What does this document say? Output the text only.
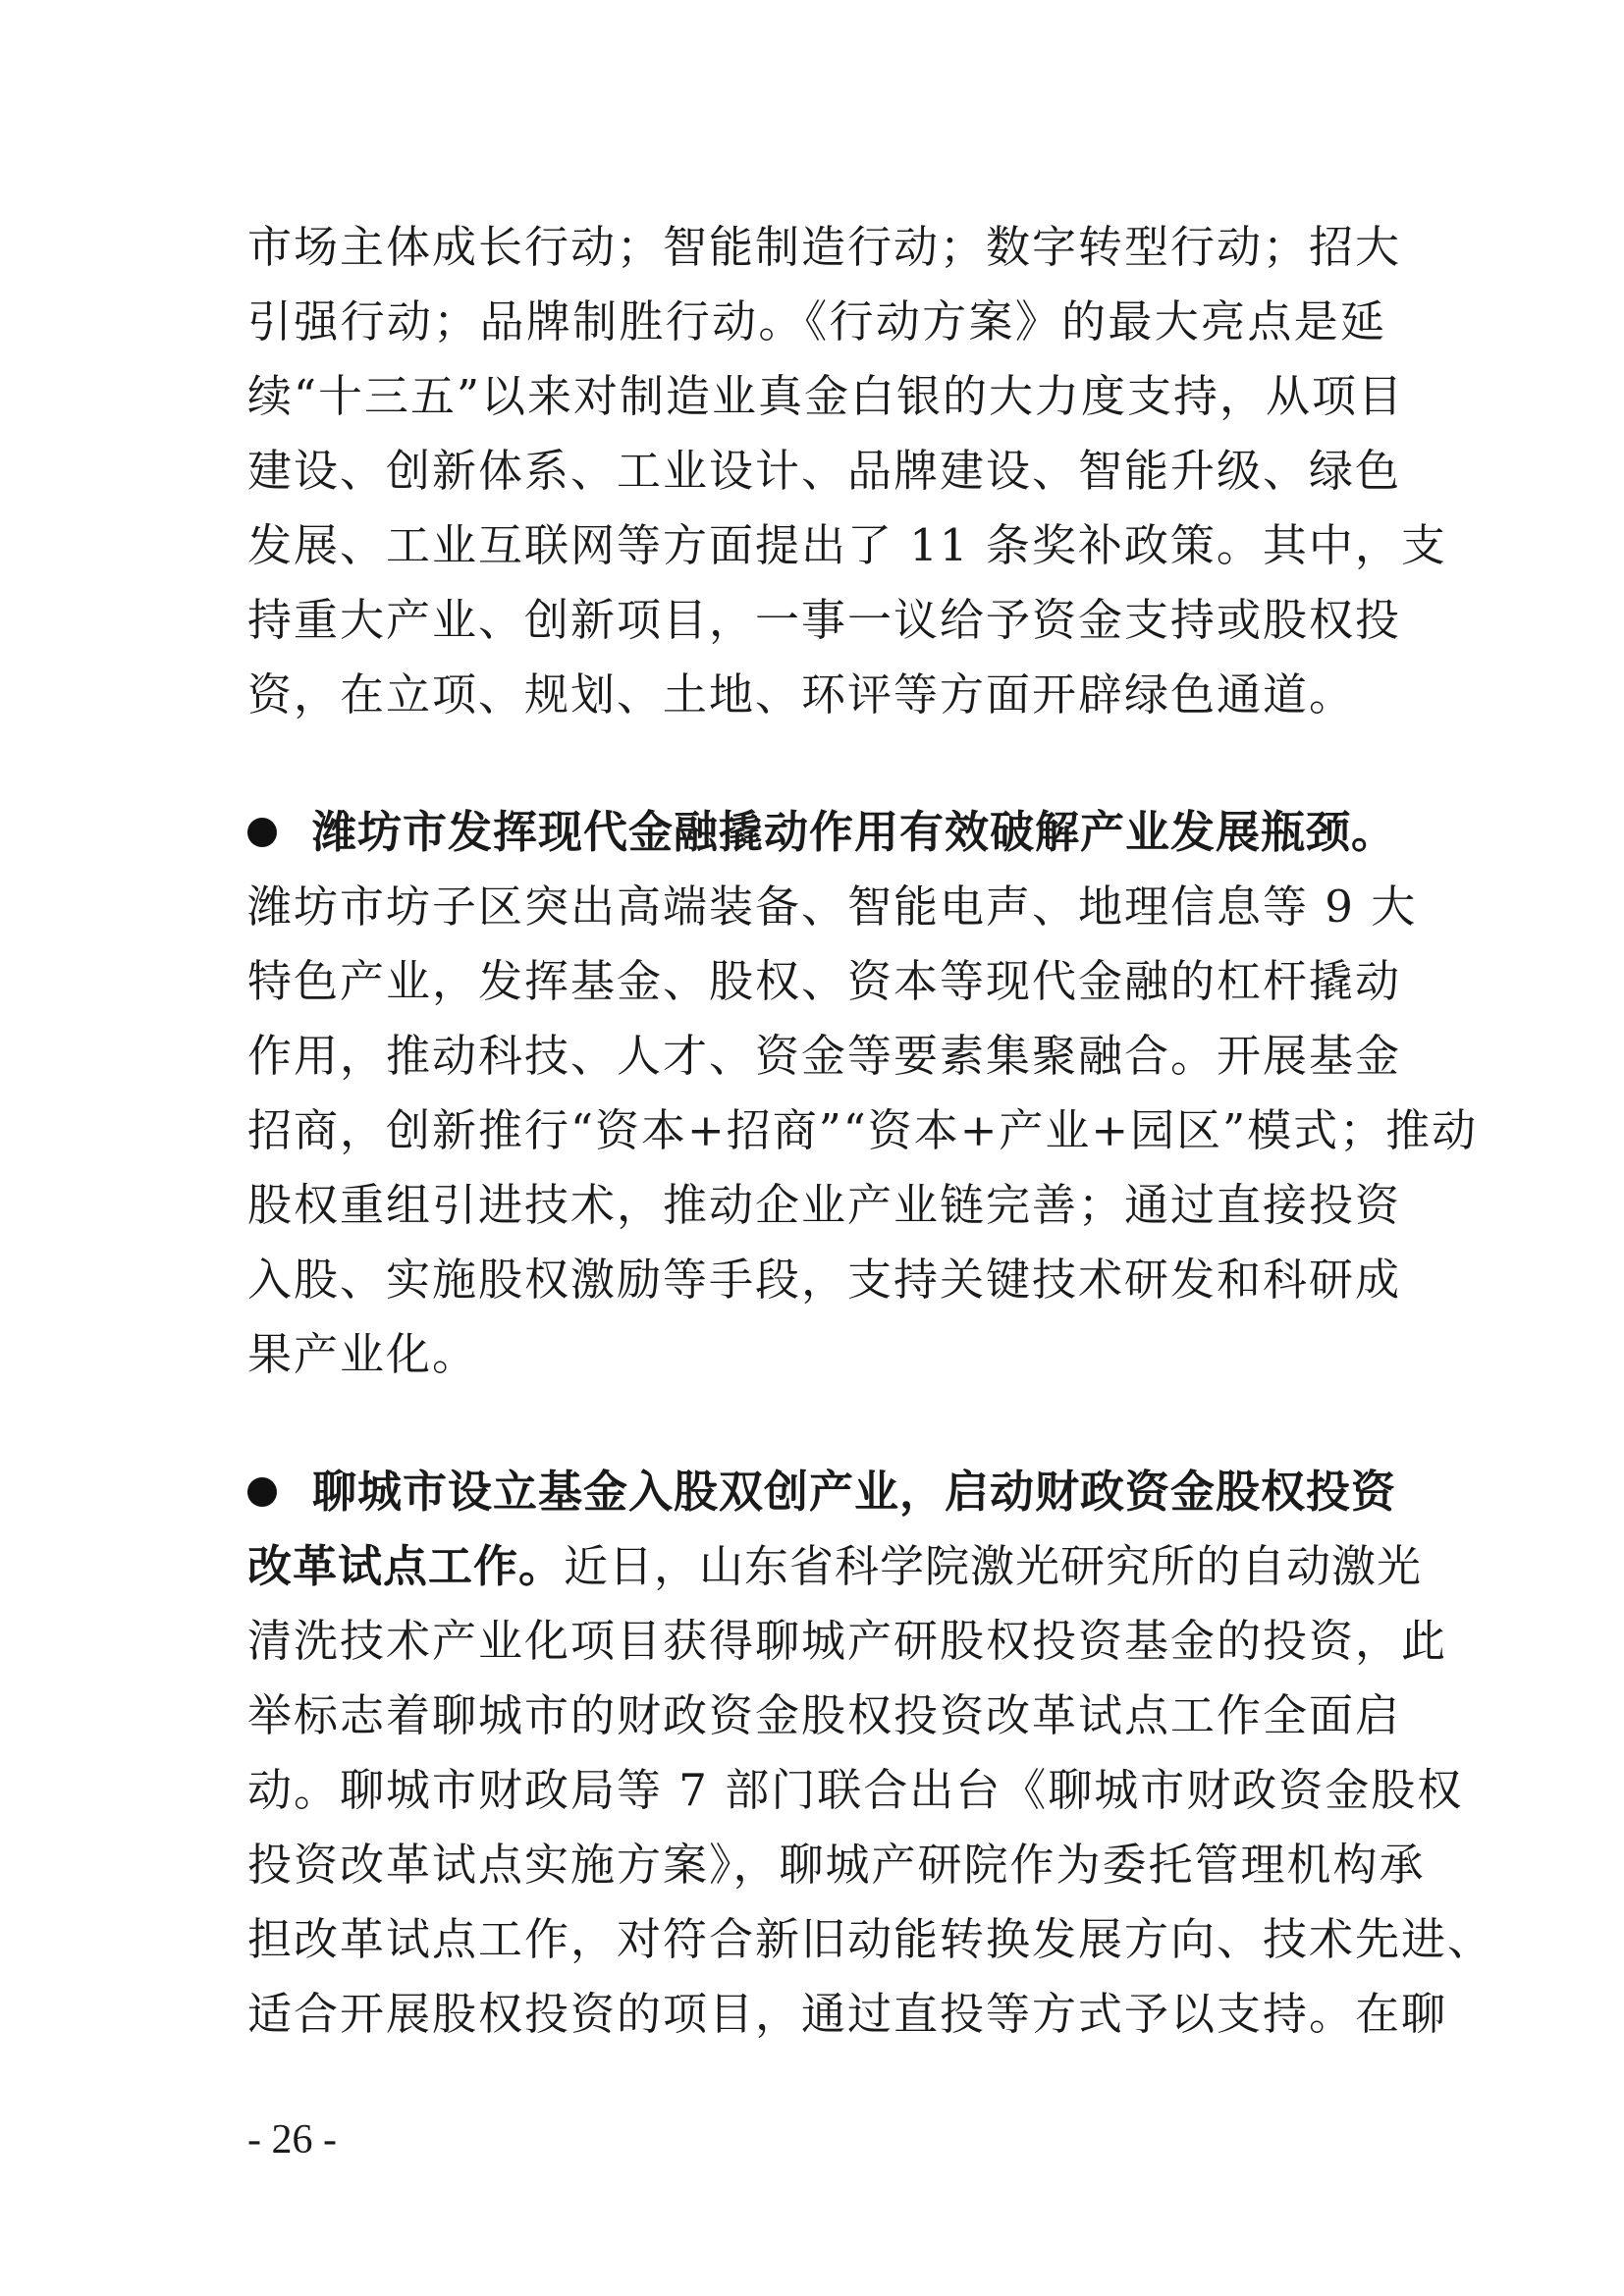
市场主体成长行动；智能制造行动；数字转型行动；招大
引强行动；品牌制胜行动。《行动方案》的最大亮点是延
续“十三五”以来对制造业真金白银的大力度支持，从项目
建设、创新体系、工业设计、品牌建设、智能升级、绿色
发展、工业互联网等方面提出了 11 条奖补政策。其中，支
持重大产业、创新项目，一事一议给予资金支持或股权投
资，在立项、规划、土地、环评等方面开辟绿色通道。
潍坊市发挥现代金融撬动作用有效破解产业发展瓶颈。
潍坊市坊子区突出高端装备、智能电声、地理信息等 9 大
特色产业，发挥基金、股权、资本等现代金融的杠杆撬动
作用，推动科技、人才、资金等要素集聚融合。开展基金
招商，创新推行“资本+招商”“资本+产业+园区”模式；推动
股权重组引进技术，推动企业产业链完善；通过直接投资
入股、实施股权激励等手段，支持关键技术研发和科研成
果产业化。
聊城市设立基金入股双创产业，启动财政资金股权投资
改革试点工作。近日，山东省科学院激光研究所的自动激光
清洗技术产业化项目获得聊城产研股权投资基金的投资，此
举标志着聊城市的财政资金股权投资改革试点工作全面启
动。聊城市财政局等 7 部门联合出台《聊城市财政资金股权
投资改革试点实施方案》，聊城产研院作为委托管理机构承
担改革试点工作，对符合新旧动能转换发展方向、技术先进、
适合开展股权投资的项目，通过直投等方式予以支持。在聊
- 26 -
